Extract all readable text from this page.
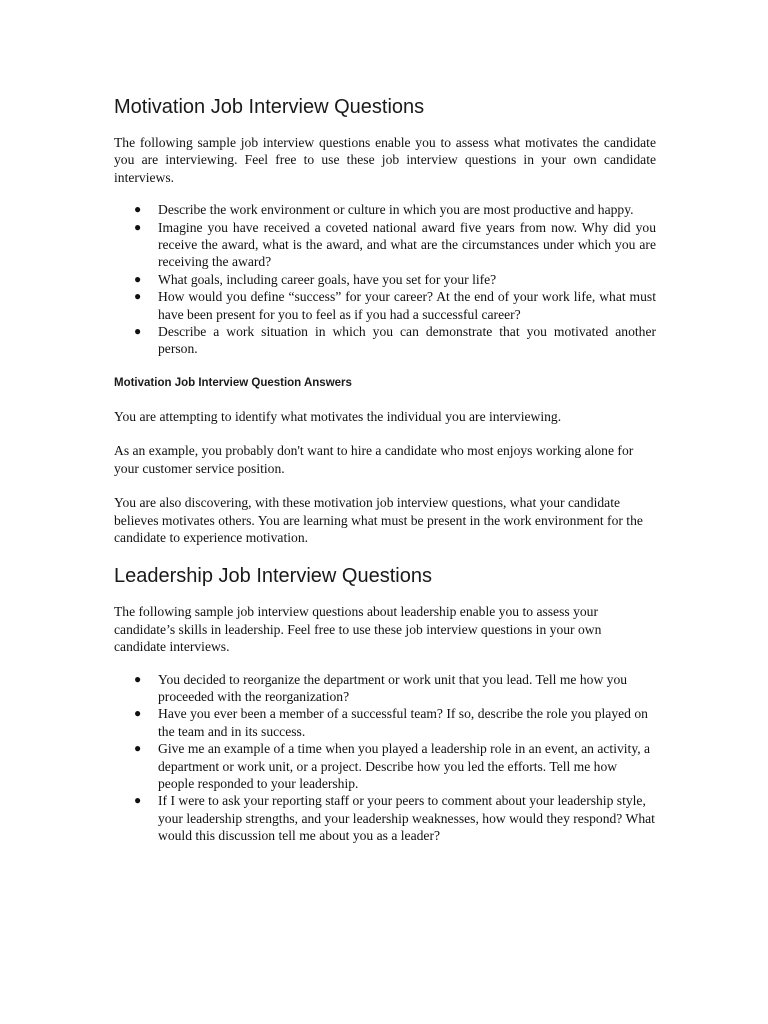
Motivation Job Interview Questions

The following sample job interview questions enable you to assess what motivates the candidate you are interviewing. Feel free to use these job interview questions in your own candidate interviews.

● Describe the work environment or culture in which you are most productive and happy.
● Imagine you have received a coveted national award five years from now. Why did you receive the award, what is the award, and what are the circumstances under which you are receiving the award?
● What goals, including career goals, have you set for your life?
● How would you define “success” for your career? At the end of your work life, what must have been present for you to feel as if you had a successful career?
● Describe a work situation in which you can demonstrate that you motivated another person.
Motivation Job Interview Question Answers

You are attempting to identify what motivates the individual you are interviewing.

As an example, you probably don't want to hire a candidate who most enjoys working alone for your customer service position.

You are also discovering, with these motivation job interview questions, what your candidate believes motivates others. You are learning what must be present in the work environment for the candidate to experience motivation.

Leadership Job Interview Questions

The following sample job interview questions about leadership enable you to assess your candidate’s skills in leadership. Feel free to use these job interview questions in your own candidate interviews.

● You decided to reorganize the department or work unit that you lead. Tell me how you proceeded with the reorganization?
● Have you ever been a member of a successful team? If so, describe the role you played on the team and in its success.
● Give me an example of a time when you played a leadership role in an event, an activity, a department or work unit, or a project. Describe how you led the efforts. Tell me how people responded to your leadership.
● If I were to ask your reporting staff or your peers to comment about your leadership style, your leadership strengths, and your leadership weaknesses, how would they respond? What would this discussion tell me about you as a leader?
